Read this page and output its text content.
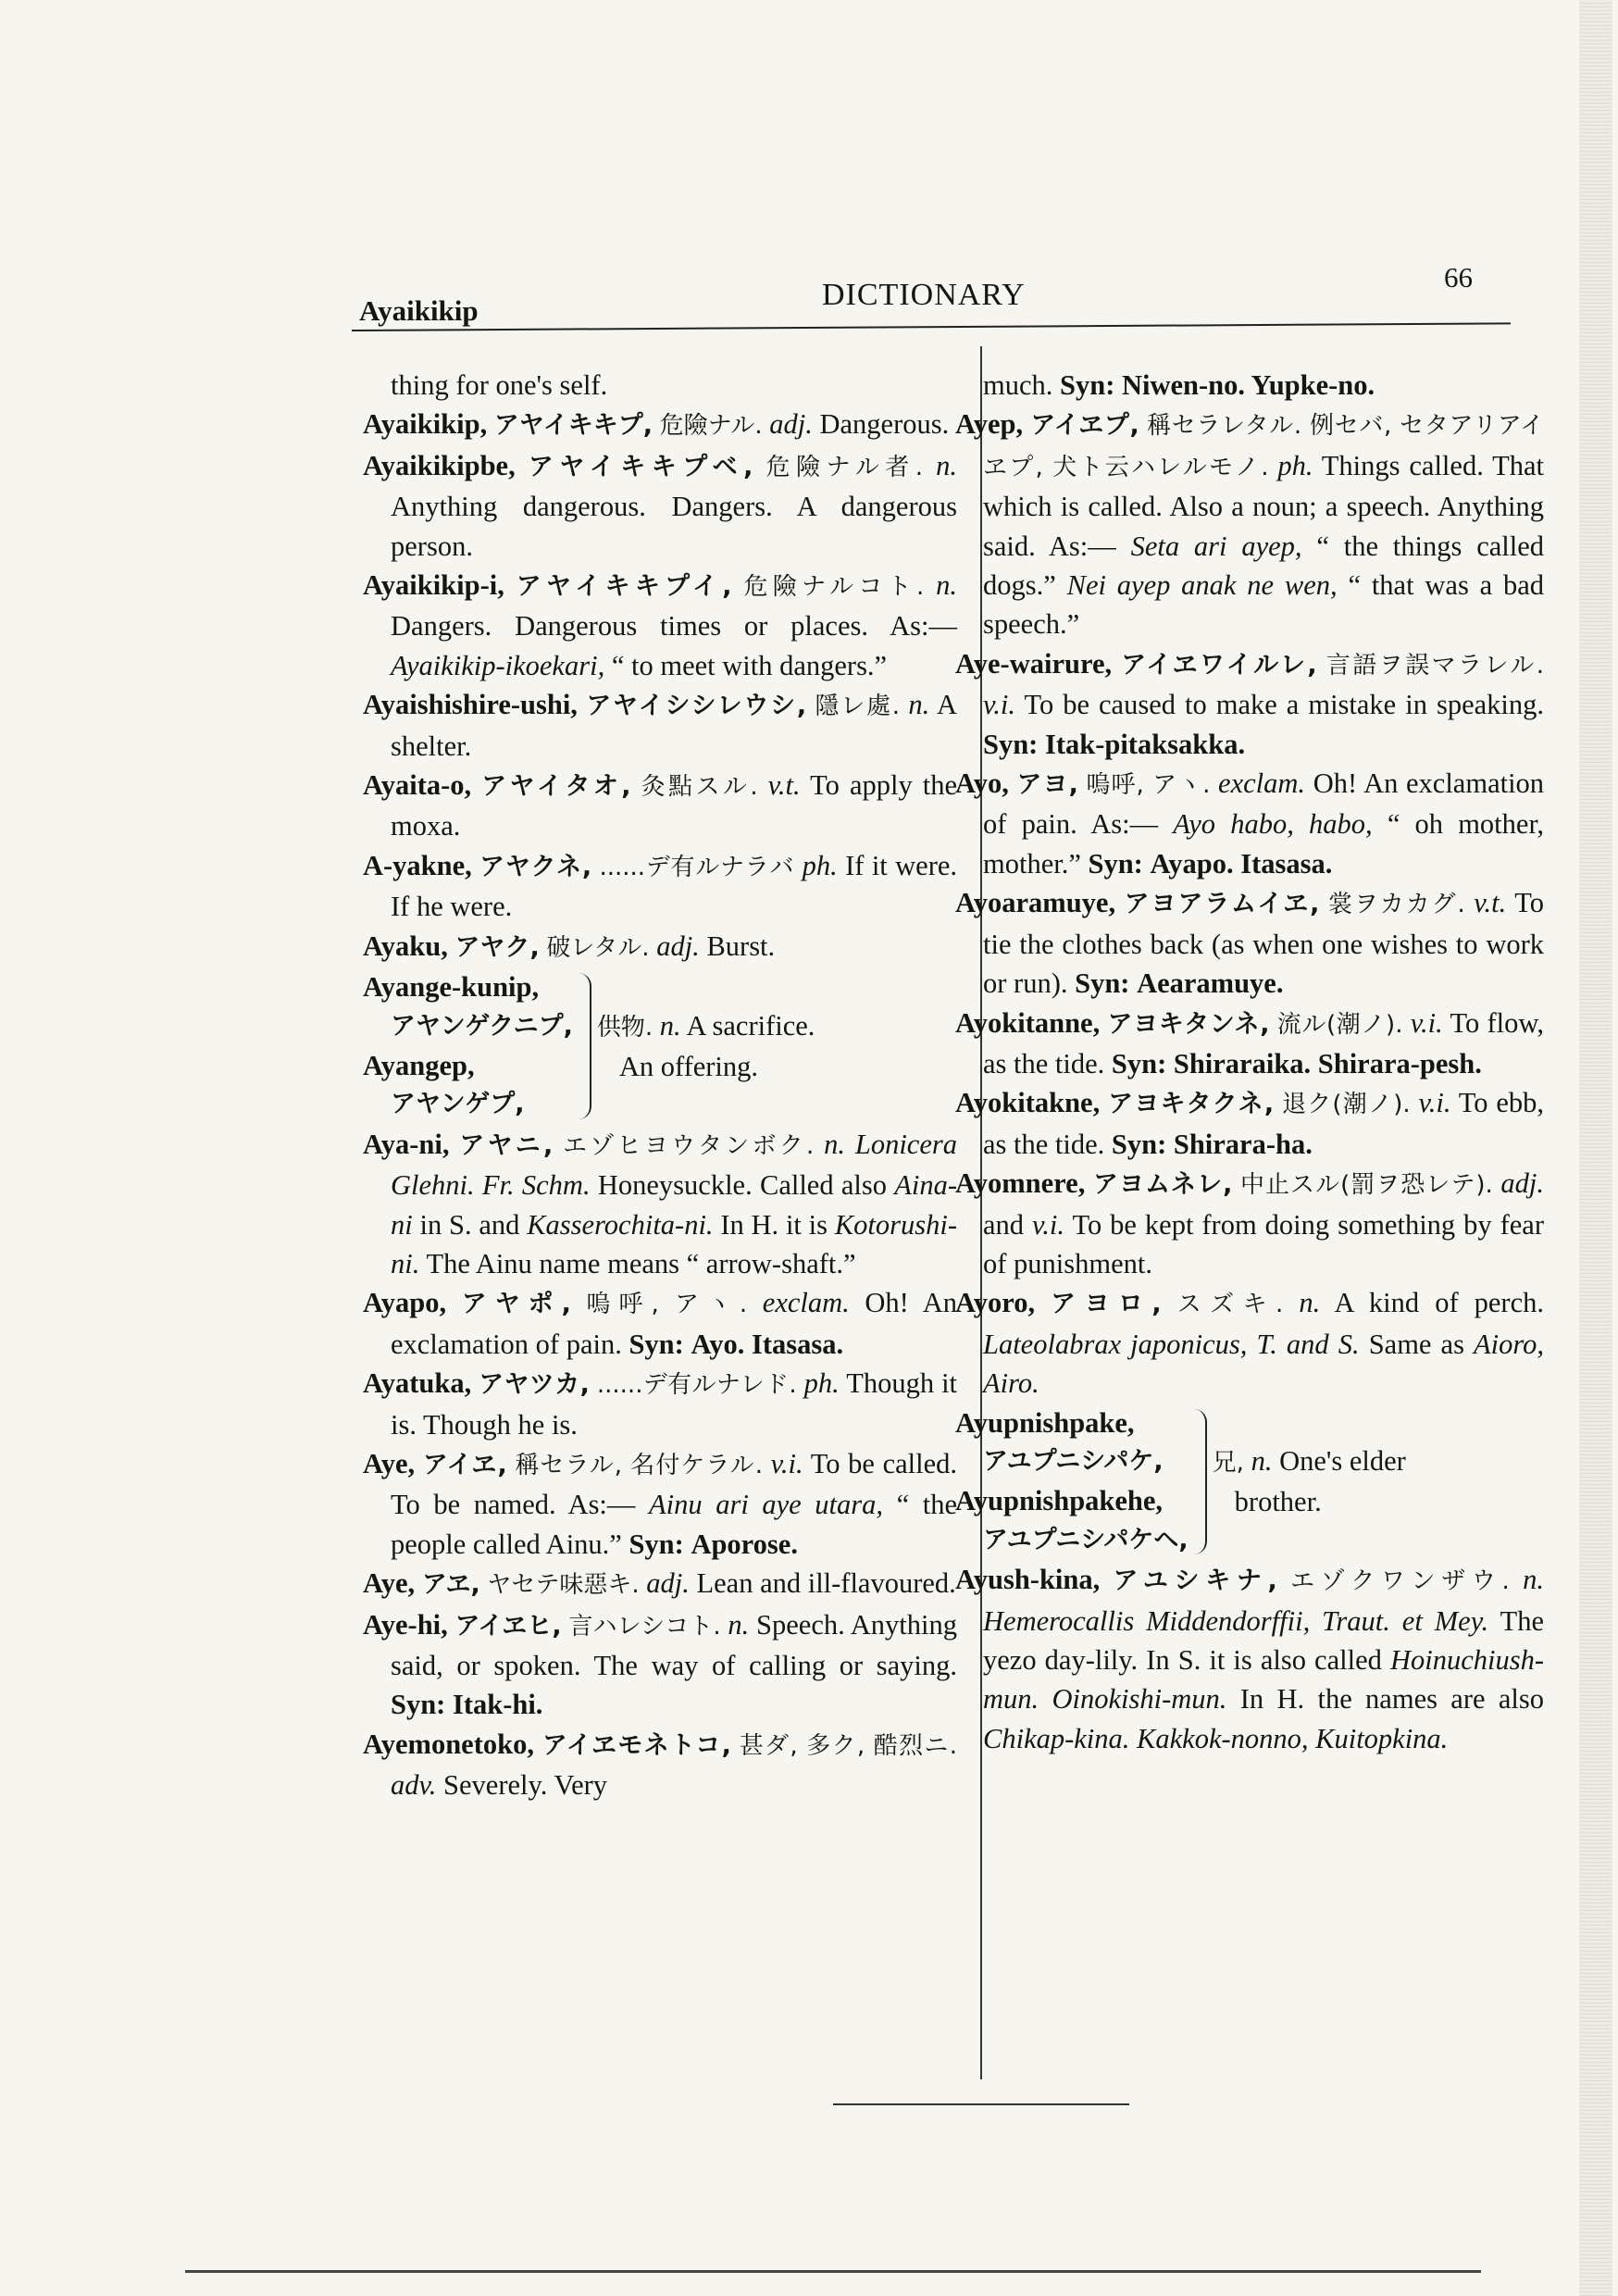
Ayaikikip	DICTIONARY
66

thing for one's self.

Ayaikikip, アヤイキキプ, 危險ナル. adj. Dangerous.

Ayaikikipbe, アヤイキキプベ, 危險ナル者. n. Anything dangerous. Dangers. A dangerous person.

Ayaikikip-i, アヤイキキプイ, 危險ナルコト. n. Dangers. Dangerous times or places. As:— Ayaikikip-ikoekari, “ to meet with dangers.”

Ayaishishire-ushi, アヤイシシレウシ, 隱レ處. n. A shelter.

Ayaita-o, アヤイタオ, 灸點スル. v.t. To apply the moxa.

A-yakne, アヤクネ, ......デ有ルナラバ ph. If it were. If he were.

Ayaku, アヤク, 破レタル. adj. Burst.

Ayange-kunip,
アヤンゲクニプ,
Ayangep,
アヤンゲプ,
供物. n. A sacrifice.
An offering.

Aya-ni, アヤニ, エゾヒヨウタンボク. n. Lonicera Glehni. Fr. Schm. Honeysuckle. Called also Aina-ni in S. and Kasserochita-ni. In H. it is Kotorushi-ni. The Ainu name means “ arrow-shaft.”

Ayapo, アヤポ, 嗚呼, アヽ. exclam. Oh! An exclamation of pain. Syn: Ayo. Itasasa.

Ayatuka, アヤツカ, ......デ有ルナレド. ph. Though it is. Though he is.

Aye, アイヱ, 稱セラル, 名付ケラル. v.i. To be called. To be named. As:— Ainu ari aye utara, “ the people called Ainu.” Syn: Aporose.

Aye, アヱ, ヤセテ味惡キ. adj. Lean and ill-flavoured.

Aye-hi, アイヱヒ, 言ハレシコト. n. Speech. Anything said, or spoken. The way of calling or saying. Syn: Itak-hi.

Ayemonetoko, アイヱモネトコ, 甚ダ, 多ク, 酷烈ニ. adv. Severely. Very

much. Syn: Niwen-no. Yupke-no.

Ayep, アイヱプ, 稱セラレタル. 例セバ, セタアリアイヱプ, 犬ト云ハレルモノ. ph. Things called. That which is called. Also a noun; a speech. Anything said. As:— Seta ari ayep, “ the things called dogs.” Nei ayep anak ne wen, “ that was a bad speech.”

Aye-wairure, アイヱワイルレ, 言語ヲ誤マラレル. v.i. To be caused to make a mistake in speaking. Syn: Itak-pitaksakka.

Ayo, アヨ, 嗚呼, アヽ. exclam. Oh! An exclamation of pain. As:— Ayo habo, habo, “ oh mother, mother.” Syn: Ayapo. Itasasa.

Ayoaramuye, アヨアラムイヱ, 裳ヲカカグ. v.t. To tie the clothes back (as when one wishes to work or run). Syn: Aearamuye.

Ayokitanne, アヨキタンネ, 流ル(潮ノ). v.i. To flow, as the tide. Syn: Shiraraika. Shirara-pesh.

Ayokitakne, アヨキタクネ, 退ク(潮ノ). v.i. To ebb, as the tide. Syn: Shirara-ha.

Ayomnere, アヨムネレ, 中止スル(罰ヲ恐レテ). adj. and v.i. To be kept from doing something by fear of punishment.

Ayoro, アヨロ, スズキ. n. A kind of perch. Lateolabrax japonicus, T. and S. Same as Aioro, Airo.

Ayupnishpake,
アユプニシパケ,
Ayupnishpakehe,
アユプニシパケヘ,
兄, n. One's elder
brother.

Ayush-kina, アユシキナ, エゾクワンザウ. n. Hemerocallis Middendorffii, Traut. et Mey. The yezo day-lily. In S. it is also called Hoinuchiush-mun. Oinokishi-mun. In H. the names are also Chikap-kina. Kakkok-nonno, Kuitopkina.
